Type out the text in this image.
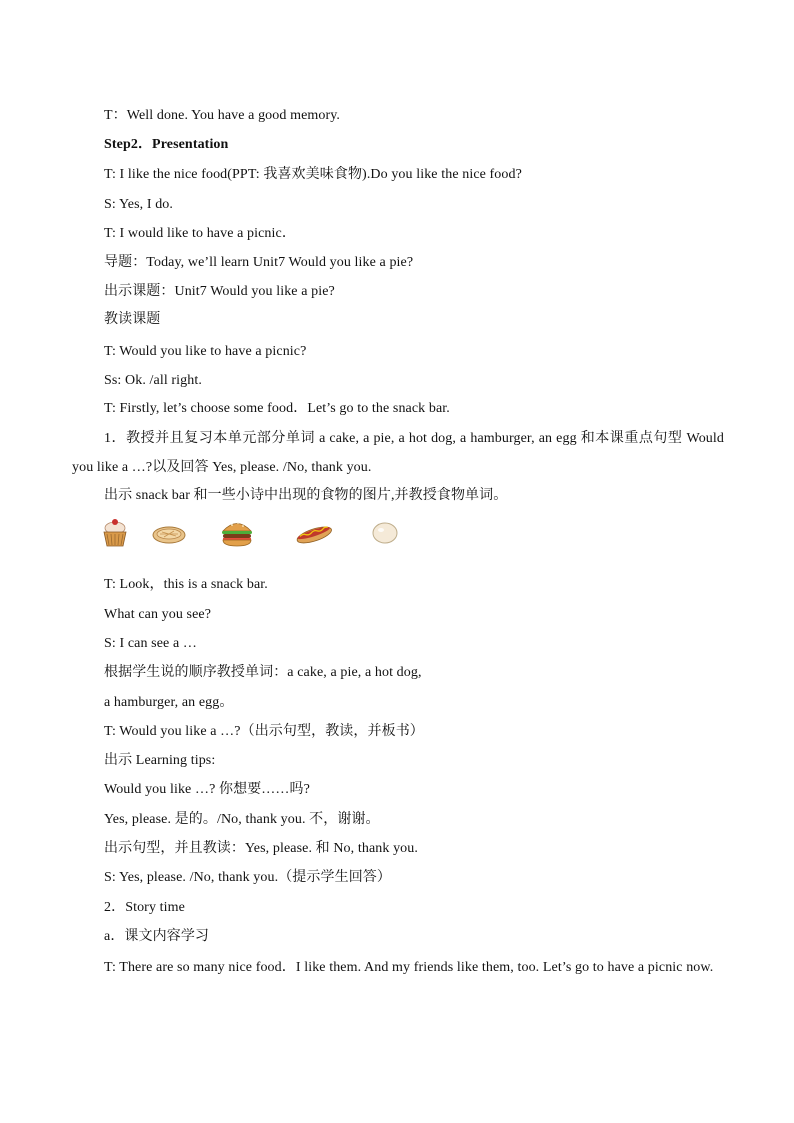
T：Well done. You have a good memory.
Step2．Presentation
T: I like the nice food(PPT: 我喜欢美味食物).Do you like the nice food?
S: Yes, I do.
T: I would like to have a picnic．
导题：Today, we’ll learn Unit7 Would you like a pie?
出示课题：Unit7 Would you like a pie?
教读课题
T: Would you like to have a picnic?
Ss: Ok. /all right.
T: Firstly, let’s choose some food．Let’s go to the snack bar.
1．教授并且复习本单元部分单词 a cake, a pie, a hot dog, a hamburger, an egg 和本课重点句型 Would you like a …?以及回答 Yes, please. /No, thank you.
出示 snack bar 和一些小诗中出现的食物的图片,并教授食物单词。
T: Look，this is a snack bar.
What can you see?
S: I can see a …
根据学生说的顺序教授单词：a cake, a pie, a hot dog,
a hamburger, an egg。
T: Would you like a …?（出示句型，教读，并板书）
出示 Learning tips:
Would you like …? 你想要……吗?
Yes, please. 是的。/No, thank you. 不，谢谢。
出示句型，并且教读：Yes, please. 和 No, thank you.
S: Yes, please. /No, thank you.（提示学生回答）
2．Story time
a．课文内容学习
T: There are so many nice food．I like them. And my friends like them, too. Let’s go to have a picnic now.
